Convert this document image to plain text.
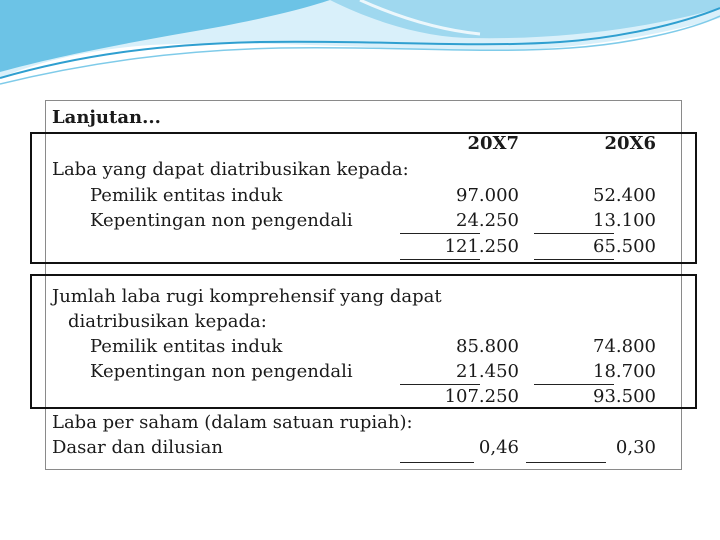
Lanjutan...
20X7	20X6
Laba yang dapat diatribusikan kepada:
Pemilik entitas induk	97.000	52.400
Kepentingan non pengendali	24.250	13.100
121.250	65.500
Jumlah laba rugi komprehensif yang dapat
diatribusikan kepada:
Pemilik entitas induk	85.800	74.800
Kepentingan non pengendali	21.450	18.700
107.250	93.500
Laba per saham (dalam satuan rupiah):
Dasar dan dilusian	0,46	0,30
